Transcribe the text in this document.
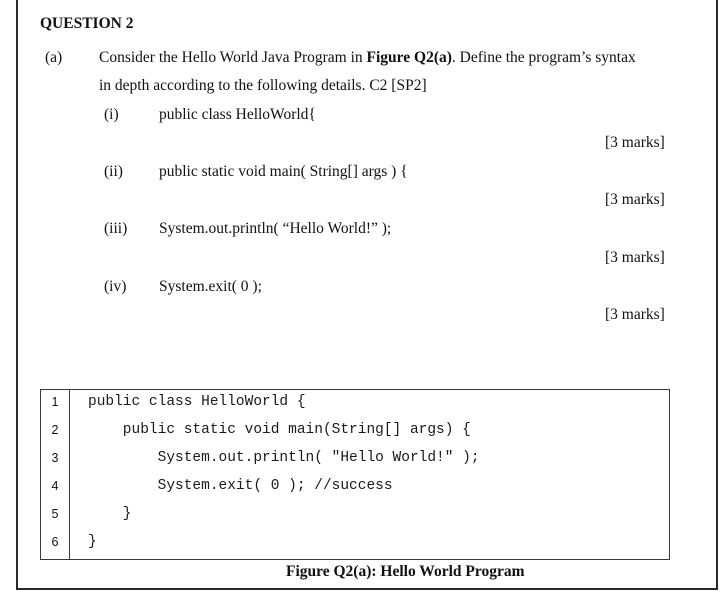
QUESTION 2
(a) Consider the Hello World Java Program in Figure Q2(a). Define the program’s syntax
in depth according to the following details. C2 [SP2]
(i)	public class HelloWorld{
[3 marks]
(ii) public static void main( String[] args ) {
[3 marks]
(iii) System.out.println( “Hello World!” );
[3 marks]
(iv) System.exit( 0 );
[3 marks]
1
2
3
4
5
6
public class HelloWorld {
public static void main(String[] args) {
System.out.println( "Hello World!" );
System.exit( 0 ); //success
}
}
Figure Q2(a): Hello World Program
